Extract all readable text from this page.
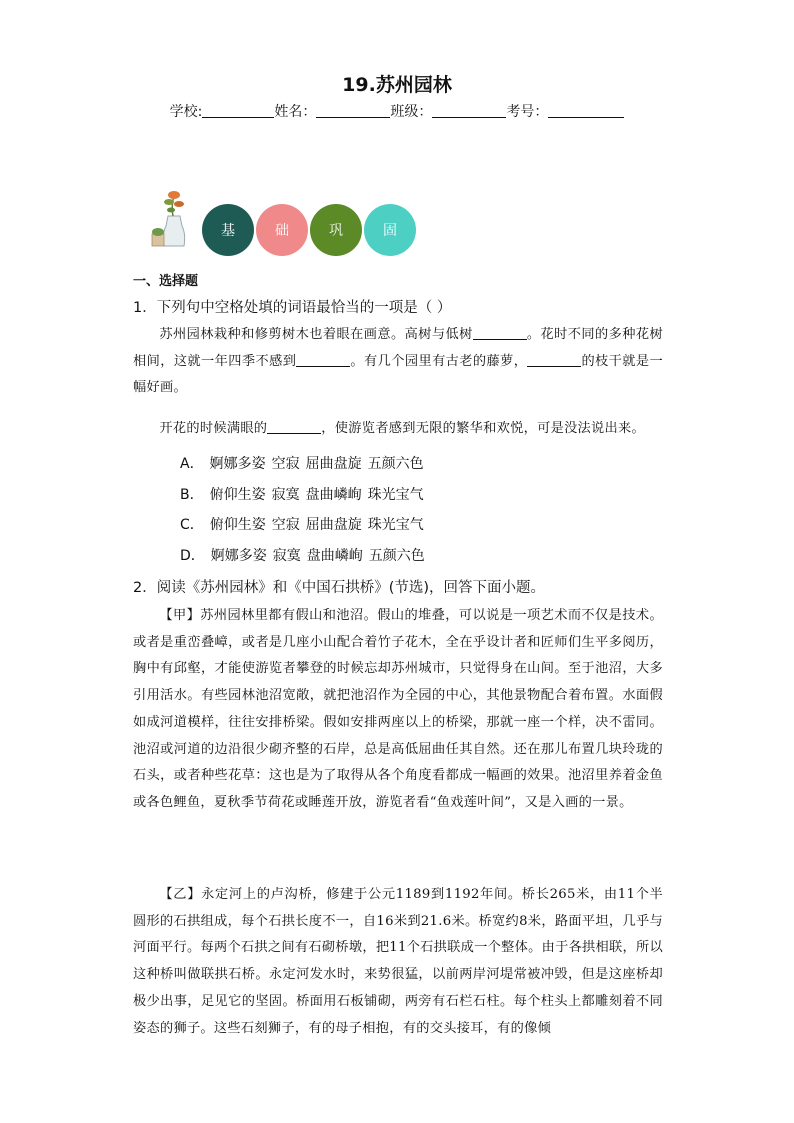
19.苏州园林
学校:	姓名：	班级：	考号：
基	础	巩	固
一、选择题
1．下列句中空格处填的词语最恰当的一项是（ ）
苏州园林栽种和修剪树木也着眼在画意。高树与低树	。花时不同的多种花树相间，这就一年四季不感到	。有几个园里有古老的藤萝，	的枝干就是一幅好画。
开花的时候满眼的	，使游览者感到无限的繁华和欢悦，可是没法说出来。
A． 婀娜多姿 空寂 屈曲盘旋 五颜六色
B． 俯仰生姿 寂寞 盘曲嶙峋 珠光宝气
C． 俯仰生姿 空寂 屈曲盘旋 珠光宝气
D． 婀娜多姿 寂寞 盘曲嶙峋 五颜六色
2．阅读《苏州园林》和《中国石拱桥》(节选)，回答下面小题。
【甲】苏州园林里都有假山和池沼。假山的堆叠，可以说是一项艺术而不仅是技术。或者是重峦叠嶂，或者是几座小山配合着竹子花木，全在乎设计者和匠师们生平多阅历，胸中有邱壑，才能使游览者攀登的时候忘却苏州城市，只觉得身在山间。至于池沼，大多引用活水。有些园林池沼宽敞，就把池沼作为全园的中心，其他景物配合着布置。水面假如成河道模样，往往安排桥梁。假如安排两座以上的桥梁，那就一座一个样，决不雷同。池沼或河道的边沿很少砌齐整的石岸，总是高低屈曲任其自然。还在那儿布置几块玲珑的石头，或者种些花草：这也是为了取得从各个角度看都成一幅画的效果。池沼里养着金鱼或各色鲤鱼，夏秋季节荷花或睡莲开放，游览者看“鱼戏莲叶间”，又是入画的一景。
【乙】永定河上的卢沟桥，修建于公元1189到1192年间。桥长265米，由11个半圆形的石拱组成，每个石拱长度不一，自16米到21.6米。桥宽约8米，路面平坦，几乎与河面平行。每两个石拱之间有石砌桥墩，把11个石拱联成一个整体。由于各拱相联，所以这种桥叫做联拱石桥。永定河发水时，来势很猛，以前两岸河堤常被冲毁，但是这座桥却极少出事，足见它的坚固。桥面用石板铺砌，两旁有石栏石柱。每个柱头上都雕刻着不同姿态的狮子。这些石刻狮子，有的母子相抱，有的交头接耳，有的像倾
